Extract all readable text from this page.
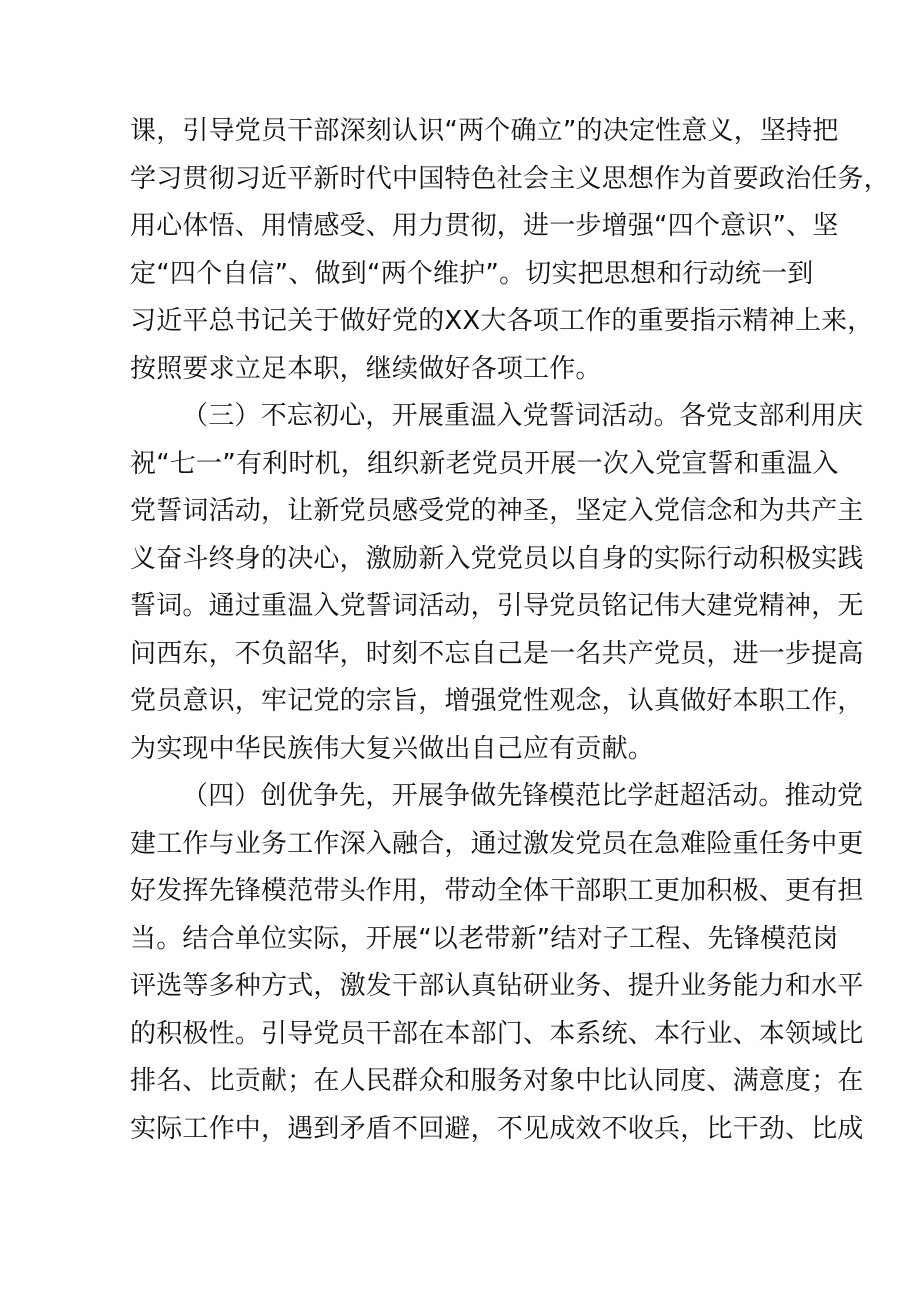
课，引导党员干部深刻认识“两个确立”的决定性意义，坚持把
学习贯彻习近平新时代中国特色社会主义思想作为首要政治任务，
用心体悟、用情感受、用力贯彻，进一步增强“四个意识”、坚
定“四个自信”、做到“两个维护”。切实把思想和行动统一到
习近平总书记关于做好党的XX大各项工作的重要指示精神上来，
按照要求立足本职，继续做好各项工作。
（三）不忘初心，开展重温入党誓词活动。各党支部利用庆
祝“七一”有利时机，组织新老党员开展一次入党宣誓和重温入
党誓词活动，让新党员感受党的神圣，坚定入党信念和为共产主
义奋斗终身的决心，激励新入党党员以自身的实际行动积极实践
誓词。通过重温入党誓词活动，引导党员铭记伟大建党精神，无
问西东，不负韶华，时刻不忘自己是一名共产党员，进一步提高
党员意识，牢记党的宗旨，增强党性观念，认真做好本职工作，
为实现中华民族伟大复兴做出自己应有贡献。
（四）创优争先，开展争做先锋模范比学赶超活动。推动党
建工作与业务工作深入融合，通过激发党员在急难险重任务中更
好发挥先锋模范带头作用，带动全体干部职工更加积极、更有担
当。结合单位实际，开展“以老带新”结对子工程、先锋模范岗
评选等多种方式，激发干部认真钻研业务、提升业务能力和水平
的积极性。引导党员干部在本部门、本系统、本行业、本领域比
排名、比贡献；在人民群众和服务对象中比认同度、满意度；在
实际工作中，遇到矛盾不回避，不见成效不收兵，比干劲、比成
